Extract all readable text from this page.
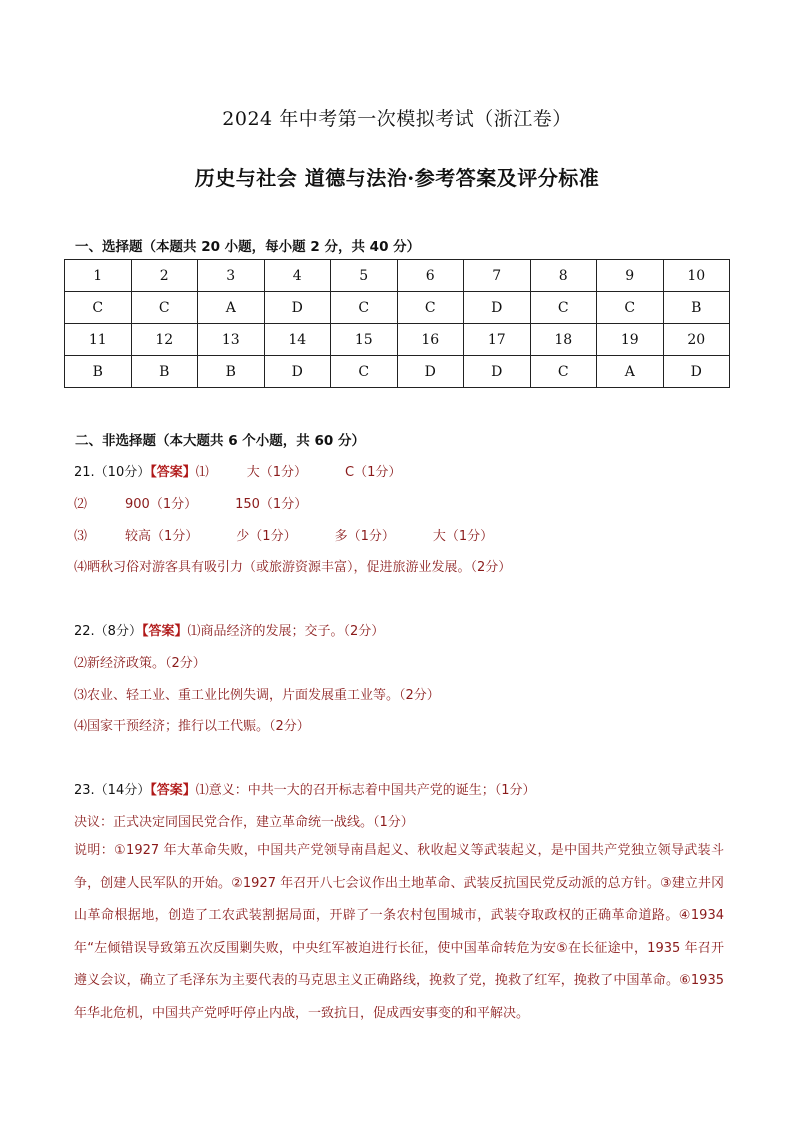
2024 年中考第一次模拟考试（浙江卷）
历史与社会 道德与法治·参考答案及评分标准
一、选择题（本题共 20 小题，每小题 2 分，共 40 分）
1	2	3	4	5	6	7	8	9	10
C	C	A	D	C	C	D	C	C	B
11	12	13	14	15	16	17	18	19	20
B	B	B	D	C	D	D	C	A	D
二、非选择题（本大题共 6 个小题，共 60 分）
21.（10分）【答案】⑴	大（1分）	C（1分）
⑵	900（1分）	150（1分）
⑶	较高（1分）	少（1分）	多（1分）	大（1分）
⑷晒秋习俗对游客具有吸引力（或旅游资源丰富），促进旅游业发展。（2分）
22.（8分）【答案】⑴商品经济的发展；交子。（2分）
⑵新经济政策。（2分）
⑶农业、轻工业、重工业比例失调，片面发展重工业等。（2分）
⑷国家干预经济；推行以工代赈。（2分）
23.（14分）【答案】⑴意义：中共一大的召开标志着中国共产党的诞生；（1分）
决议：正式决定同国民党合作，建立革命统一战线。（1分）
说明：①1927 年大革命失败，中国共产党领导南昌起义、秋收起义等武装起义，是中国共产党独立领导武装斗争，创建人民军队的开始。②1927 年召开八七会议作出土地革命、武装反抗国民党反动派的总方针。③建立井冈山革命根据地，创造了工农武装割据局面，开辟了一条农村包围城市，武装夺取政权的正确革命道路。④1934 年“左倾错误导致第五次反围剿失败，中央红军被迫进行长征，使中国革命转危为安⑤在长征途中，1935 年召开遵义会议，确立了毛泽东为主要代表的马克思主义正确路线，挽救了党，挽救了红军，挽救了中国革命。⑥1935 年华北危机，中国共产党呼吁停止内战，一致抗日，促成西安事变的和平解决。
